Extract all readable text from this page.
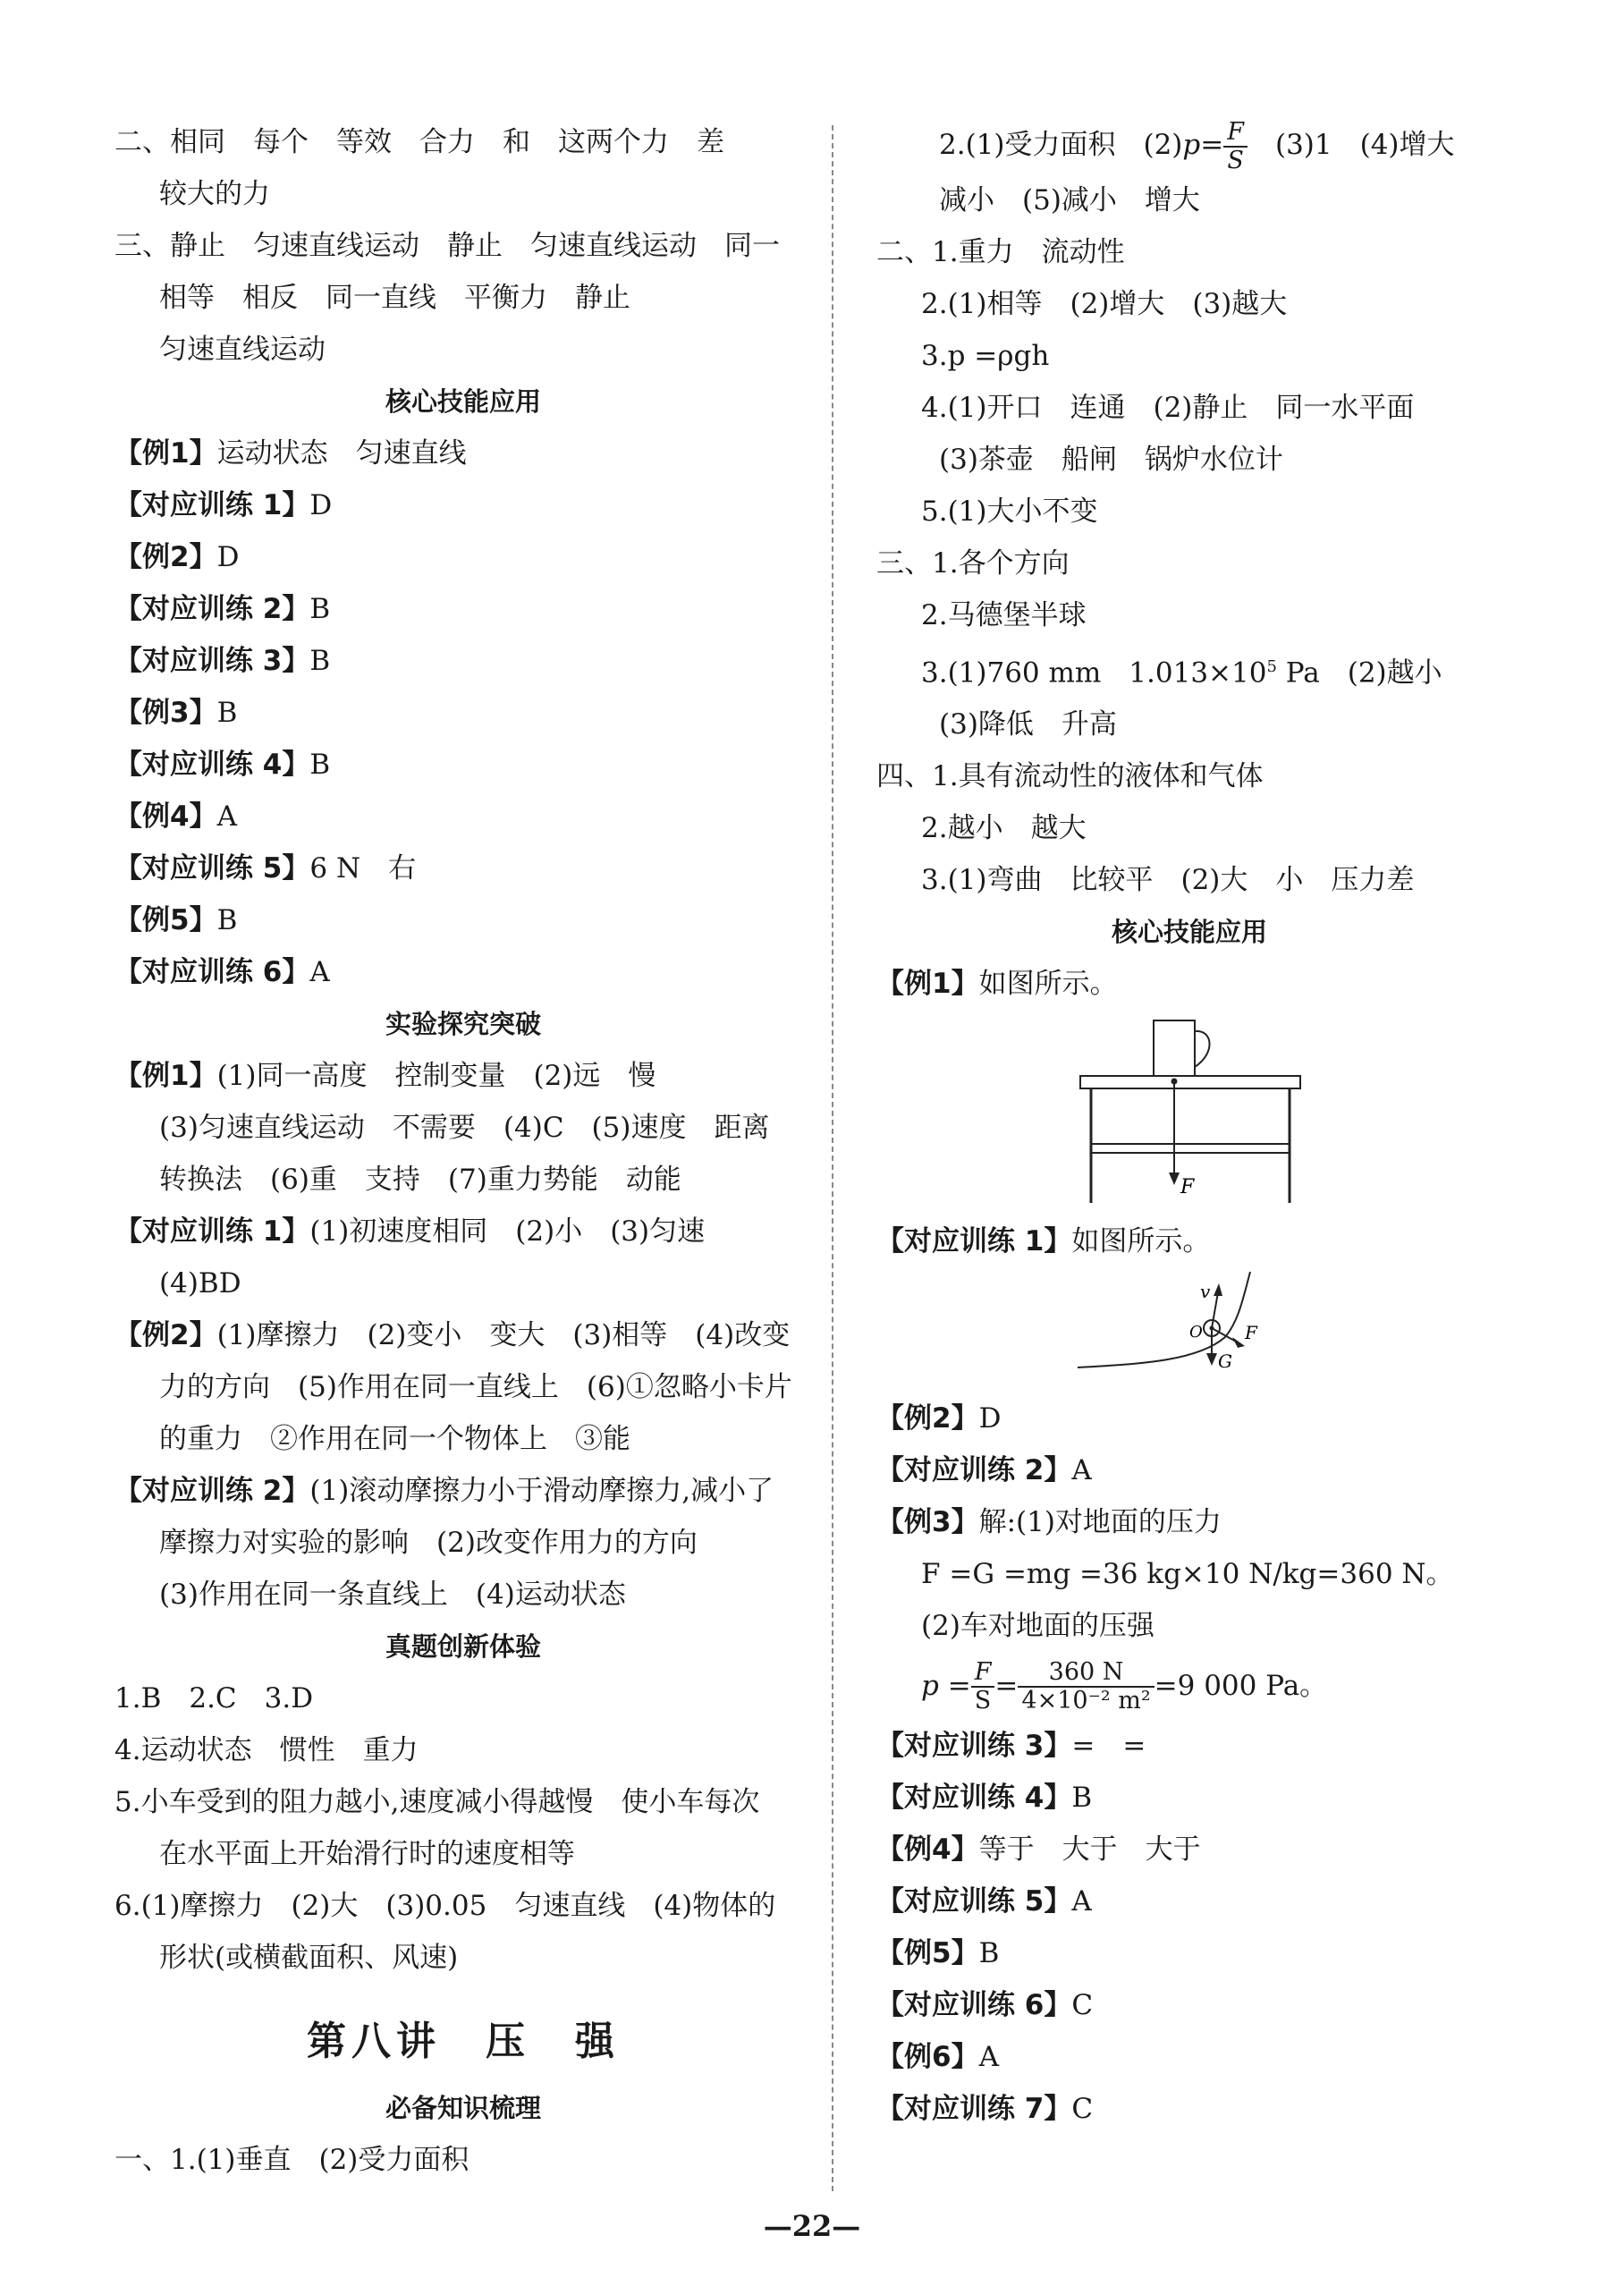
二、相同　每个　等效　合力　和　这两个力　差
较大的力
三、静止　匀速直线运动　静止　匀速直线运动　同一
相等　相反　同一直线　平衡力　静止
匀速直线运动
核心技能应用
【例1】运动状态　匀速直线
【对应训练 1】D
【例2】D
【对应训练 2】B
【对应训练 3】B
【例3】B
【对应训练 4】B
【例4】A
【对应训练 5】6 N　右
【例5】B
【对应训练 6】A
实验探究突破
【例1】(1)同一高度　控制变量　(2)远　慢
(3)匀速直线运动　不需要　(4)C　(5)速度　距离
转换法　(6)重　支持　(7)重力势能　动能
【对应训练 1】(1)初速度相同　(2)小　(3)匀速
(4)BD
【例2】(1)摩擦力　(2)变小　变大　(3)相等　(4)改变
力的方向　(5)作用在同一直线上　(6)①忽略小卡片
的重力　②作用在同一个物体上　③能
【对应训练 2】(1)滚动摩擦力小于滑动摩擦力,减小了
摩擦力对实验的影响　(2)改变作用力的方向
(3)作用在同一条直线上　(4)运动状态
真题创新体验
1.B　2.C　3.D
4.运动状态　惯性　重力
5.小车受到的阻力越小,速度减小得越慢　使小车每次
在水平面上开始滑行时的速度相等
6.(1)摩擦力　(2)大　(3)0.05　匀速直线　(4)物体的
形状(或横截面积、风速)
第八讲　压　强
必备知识梳理
一、1.(1)垂直　(2)受力面积
2.(1)受力面积　$(2)p= \frac{F}{S}$
　 (3)1　(4)增大
减小　(5)减小　增大
二、1.重力　流动性
2.(1)相等　(2)增大　(3)越大
3.p =ρgh
4.(1)开口　连通　(2)静止　同一水平面
(3)茶壶　船闸　锅炉水位计
5.(1)大小不变
三、1.各个方向
2.马德堡半球
3.(1)760 mm　$1.013\times 10^5$ Pa　(2)越小
(3)降低　升高
四、1.具有流动性的液体和气体
2.越小　越大
3.(1)弯曲　比较平　(2)大　小　压力差
核心技能应用
【例1】如图所示。
F
【对应训练 1】如图所示。
v
F
G
O
【例2】D
【对应训练 2】A
【例3】解:(1)对地面的压力
F =G =mg =36 kg×10 N/kg=360 N。
(2)车对地面的压强
$p = \frac{F}{S} = \frac{360 N}{\text{4×10⁻² m²}} =9$ 000 Pa。
【对应训练 3】=　=
【对应训练 4】B
【例4】等于　大于　大于
【对应训练 5】A
【例5】B
【对应训练 6】C
【例6】A
【对应训练 7】C
—22—
